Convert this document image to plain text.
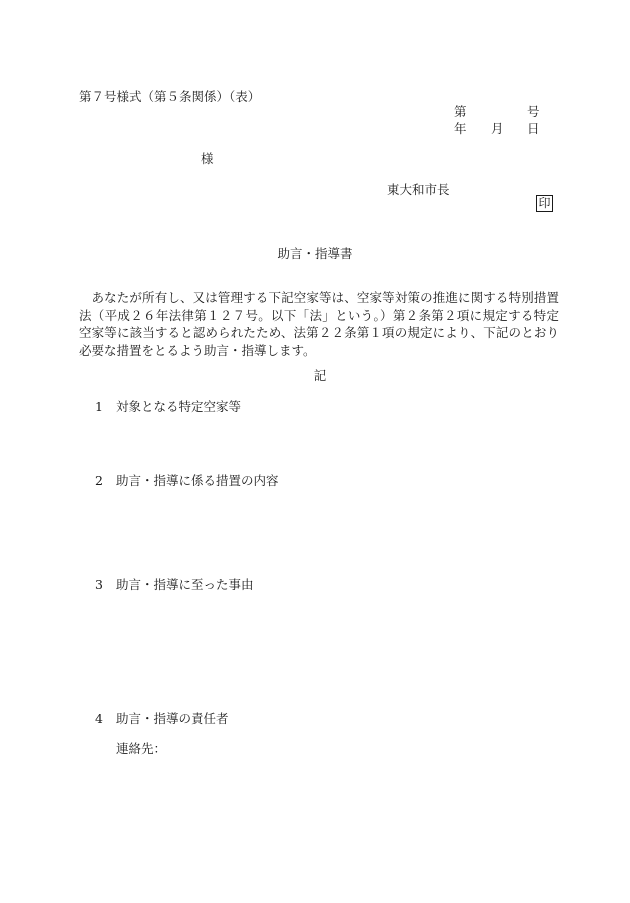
第７号様式（第５条関係）（表）
第	号
年 月 日
様
東大和市長
印
助言・指導書
あなたが所有し、又は管理する下記空家等は、空家等対策の推進に関する特別措置法（平成２６年法律第１２７号。以下「法」という。）第２条第２項に規定する特定空家等に該当すると認められたため、法第２２条第１項の規定により、下記のとおり必要な措置をとるよう助言・指導します。
記
1 対象となる特定空家等
2 助言・指導に係る措置の内容
3 助言・指導に至った事由
4 助言・指導の責任者
連絡先：
